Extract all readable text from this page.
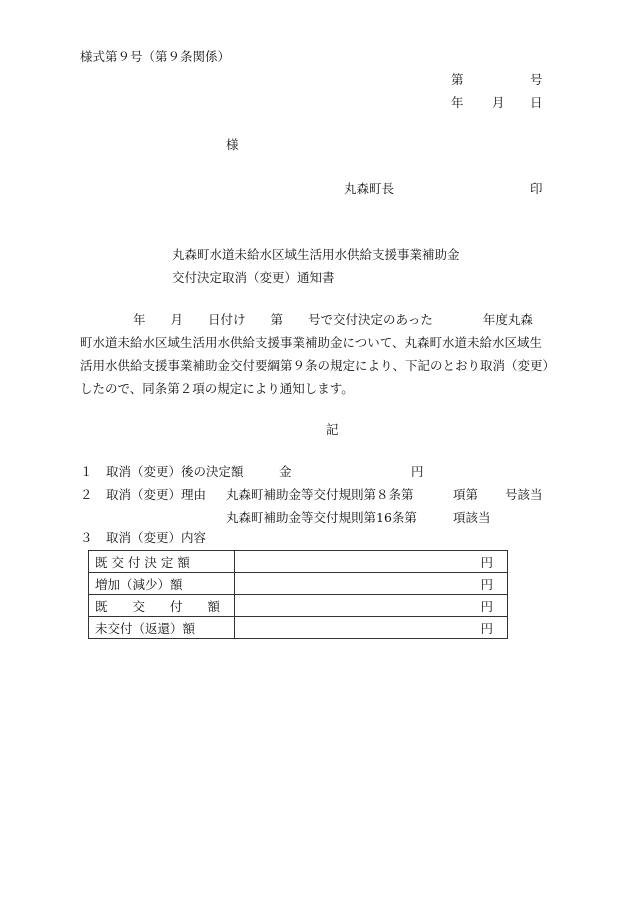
様式第９号（第９条関係）
第	号
年 月 日
様
丸森町長	印
丸森町水道未給水区域生活用水供給支援事業補助金
交付決定取消（変更）通知書
年　　月　　日付け　　第　　号で交付決定のあった　　　　年度丸森
町水道未給水区域生活用水供給支援事業補助金について、丸森町水道未給水区域生
活用水供給支援事業補助金交付要綱第９条の規定により、下記のとおり取消（変更）
したので、同条第２項の規定により通知します。
記
１ 取消（変更）後の決定額	金	円
２ 取消（変更）理由 丸森町補助金等交付規則第８条第	項第 号該当
丸森町補助金等交付規則第16条第	項該当
３ 取消（変更）内容
既 交 付 決 定 額	円
増加（減少）額	円
既　　交　　付　　額	円
未交付（返還）額	円
